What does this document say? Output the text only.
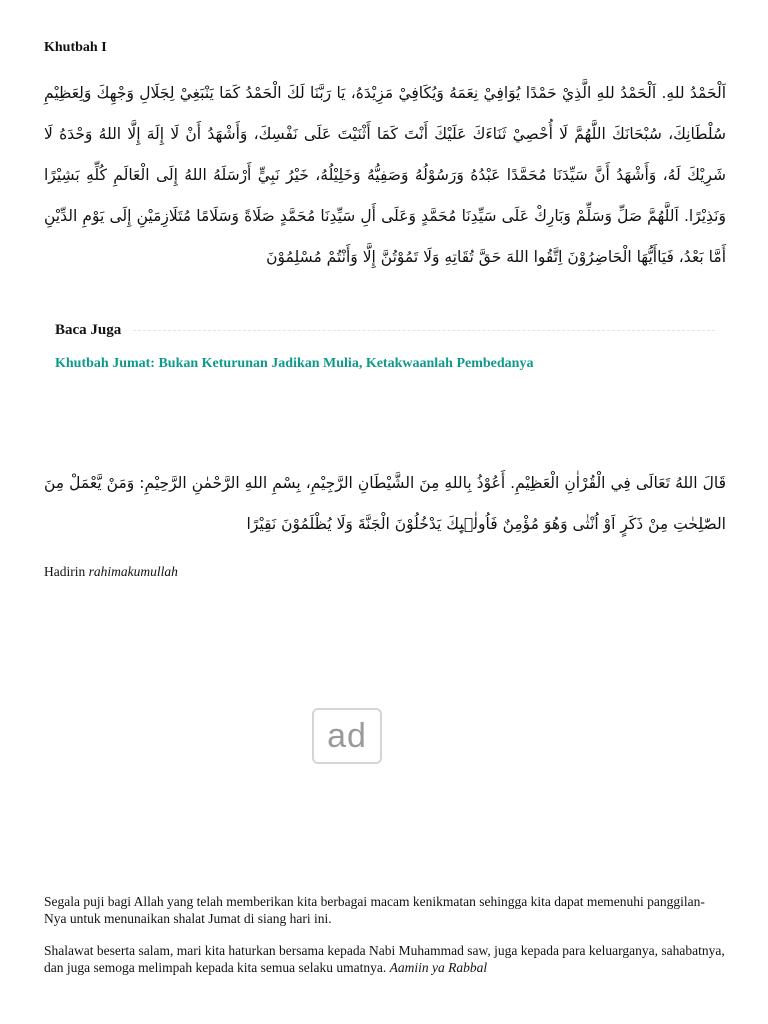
Khutbah I

اَلْحَمْدُ للهِ. اَلْحَمْدُ للهِ الَّذِيْ حَمْدًا يُوَافِيْ نِعَمَهُ وَيُكَافِيْ مَزِيْدَهُ، يَا رَبَّنَا لَكَ الْحَمْدُ كَمَا يَنْبَغِيْ لِجَلَالِ وَجْهِكَ وَلِعَظِيْمِ سُلْطَانِكَ، سُبْحَانَكَ اللَّهُمَّ لَا أُحْصِيْ ثَنَاءَكَ عَلَيْكَ أَنْتَ كَمَا أَثْنَيْتَ عَلَى نَفْسِكَ، وَأَشْهَدُ أَنْ لَا إِلَهَ إِلَّا اللهُ وَحْدَهُ لَا شَرِيْكَ لَهُ، وَأَشْهَدُ أَنَّ سَيِّدَنَا مُحَمَّدًا عَبْدُهُ وَرَسُوْلُهُ وَصَفِيُّهُ وَخَلِيْلُهُ، خَيْرُ نَبِيٍّ أَرْسَلَهُ اللهُ إِلَى الْعَالَمِ كُلِّهِ بَشِيْرًا وَنَذِيْرًا. اَللَّهُمَّ صَلِّ وَسَلِّمْ وَبَارِكْ عَلَى سَيِّدِنَا مُحَمَّدٍ وَعَلَى أَلِ سَيِّدِنَا مُحَمَّدٍ صَلَاةً وَسَلَامًا مُتَلَازِمَيْنِ إِلَى يَوْمِ الدِّيْنِ أَمَّا بَعْدُ، فَيَاأَيُّهَا الْحَاضِرُوْنَ اِتَّقُوا اللهَ حَقَّ تُقَاتِهِ وَلَا تَمُوْتُنَّ إِلَّا وَأَنْتُمْ مُسْلِمُوْنَ

Baca Juga
Khutbah Jumat: Bukan Keturunan Jadikan Mulia, Ketakwaanlah Pembedanya

قَالَ اللهُ تَعَالَى فِي الْقُرْاٰنِ الْعَظِيْمِ. أَعُوْذُ بِاللهِ مِنَ الشَّيْطَانِ الرَّجِيْمِ، بِسْمِ اللهِ الرَّحْمٰنِ الرَّحِيْمِ: وَمَنْ يَّعْمَلْ مِنَ الصّٰلِحٰتِ مِنْ ذَكَرٍ اَوْ اُنْثٰى وَهُوَ مُؤْمِنٌ فَاُولٰۤىِٕكَ يَدْخُلُوْنَ الْجَنَّةَ وَلَا يُظْلَمُوْنَ نَقِيْرًا

Hadirin rahimakumullah

ad

Segala puji bagi Allah yang telah memberikan kita berbagai macam kenikmatan sehingga kita dapat memenuhi panggilan-Nya untuk menunaikan shalat Jumat di siang hari ini.

Shalawat beserta salam, mari kita haturkan bersama kepada Nabi Muhammad saw, juga kepada para keluarganya, sahabatnya, dan juga semoga melimpah kepada kita semua selaku umatnya. Aamiin ya Rabbal
